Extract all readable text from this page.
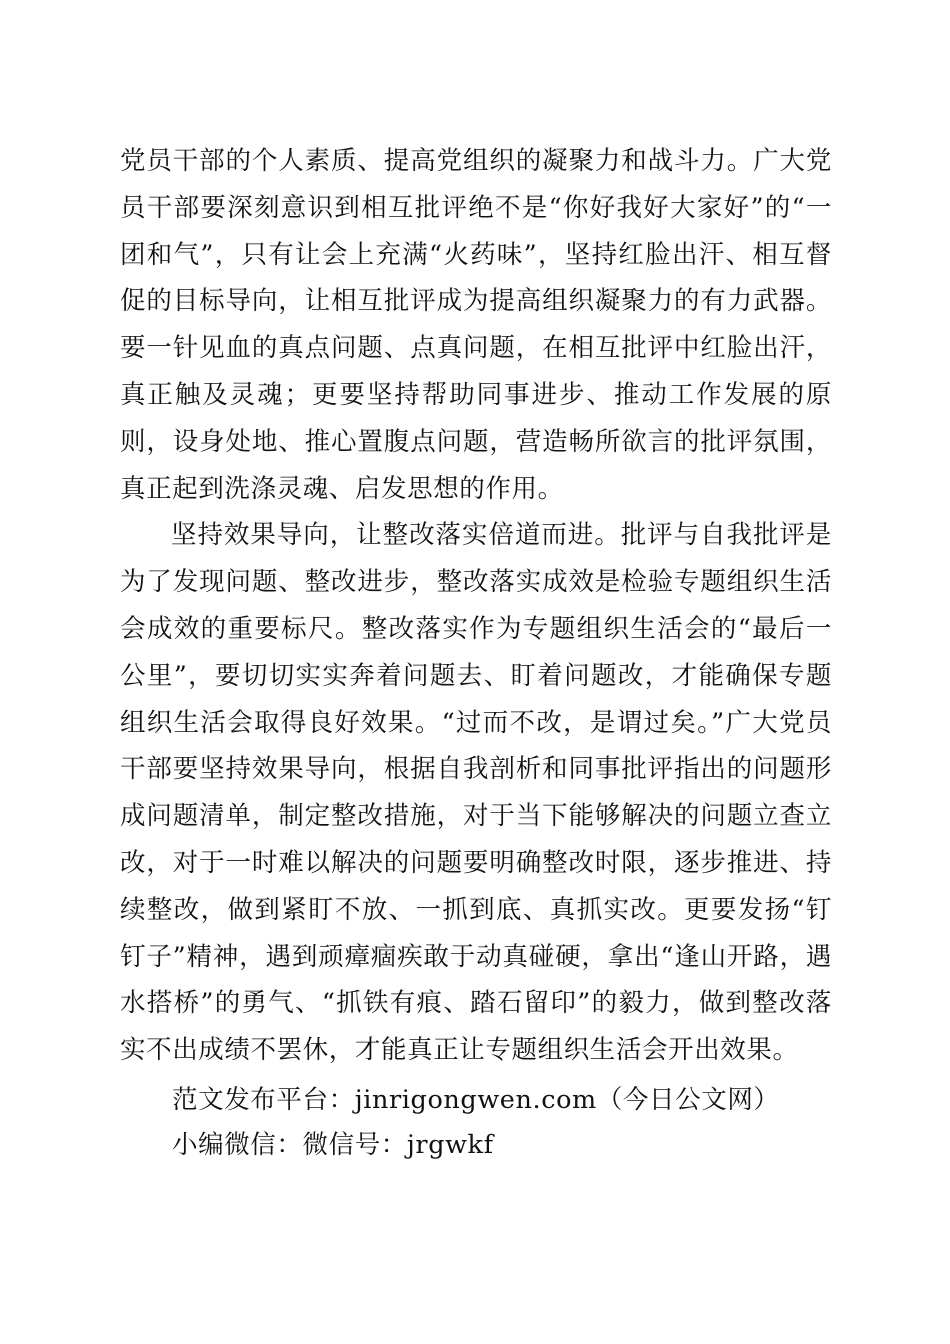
党员干部的个人素质、提高党组织的凝聚力和战斗力。广大党员干部要深刻意识到相互批评绝不是“你好我好大家好”的“一团和气”，只有让会上充满“火药味”，坚持红脸出汗、相互督促的目标导向，让相互批评成为提高组织凝聚力的有力武器。要一针见血的真点问题、点真问题，在相互批评中红脸出汗，真正触及灵魂；更要坚持帮助同事进步、推动工作发展的原则，设身处地、推心置腹点问题，营造畅所欲言的批评氛围，真正起到洗涤灵魂、启发思想的作用。

坚持效果导向，让整改落实倍道而进。批评与自我批评是为了发现问题、整改进步，整改落实成效是检验专题组织生活会成效的重要标尺。整改落实作为专题组织生活会的“最后一公里”，要切切实实奔着问题去、盯着问题改，才能确保专题组织生活会取得良好效果。“过而不改，是谓过矣。”广大党员干部要坚持效果导向，根据自我剖析和同事批评指出的问题形成问题清单，制定整改措施，对于当下能够解决的问题立查立改，对于一时难以解决的问题要明确整改时限，逐步推进、持续整改，做到紧盯不放、一抓到底、真抓实改。更要发扬“钉钉子”精神，遇到顽瘴痼疾敢于动真碰硬，拿出“逢山开路，遇水搭桥”的勇气、“抓铁有痕、踏石留印”的毅力，做到整改落实不出成绩不罢休，才能真正让专题组织生活会开出效果。

范文发布平台：jinrigongwen.com（今日公文网）
小编微信：微信号：jrgwkf
